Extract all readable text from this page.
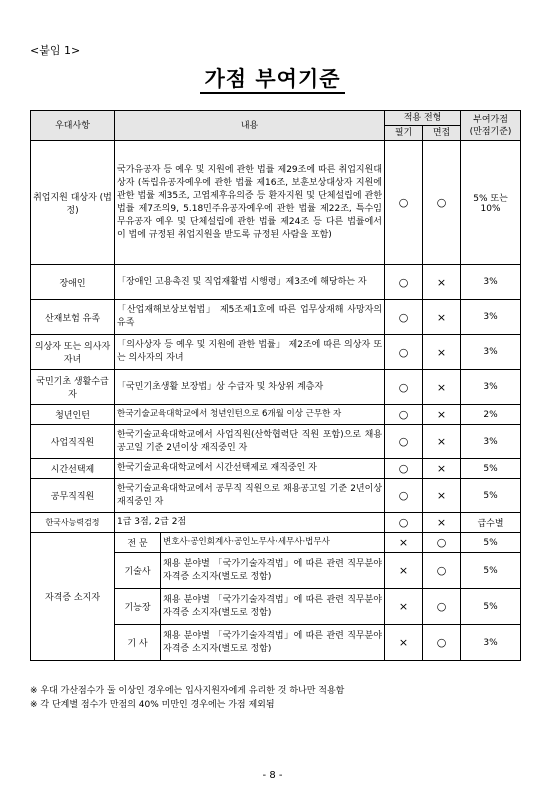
<붙임 1>
가점 부여기준
우대사항	내용		적용 전형		부여가점
(만점기준)
			필기	면접	
취업지원 대상자 (법정)	국가유공자 등 예우 및 지원에 관한 법률 제29조에 따른 취업지원대상자 (독립유공자예우에 관한 법률 제16조, 보훈보상대상자 지원에 관한 법률 제35조, 고엽제후유의증 등 환자지원 및 단체설립에 관한 법률 제7조의9, 5.18민주유공자예우에 관한 법률 제22조, 특수임무유공자 예우 및 단체설립에 관한 법률 제24조 등 다른 법률에서 이 법에 규정된 취업지원을 받도록 규정된 사람을 포함)		○	○	5% 또는 10%
장애인	「장애인 고용촉진 및 직업재활법 시행령」제3조에 해당하는 자		○	×	3%
산재보험 유족	「산업재해보상보험법」 제5조제1호에 따른 업무상재해 사망자의 유족		○	×	3%
의상자 또는 의사자 자녀	「의사상자 등 예우 및 지원에 관한 법률」 제2조에 따른 의상자 또는 의사자의 자녀		○	×	3%
국민기초 생활수급자	「국민기초생활 보장법」상 수급자 및 차상위 계층자		○	×	3%
청년인턴	한국기술교육대학교에서 청년인턴으로 6개월 이상 근무한 자		○	×	2%
사업직직원	한국기술교육대학교에서 사업직원(산학협력단 직원 포함)으로 채용공고일 기준 2년이상 재직중인 자		○	×	3%
시간선택제	한국기술교육대학교에서 시간선택제로 재직중인 자		○	×	5%
공무직직원	한국기술교육대학교에서 공무직 직원으로 채용공고일 기준 2년이상 재직중인 자		○	×	5%
한국사능력검정	1급 3점, 2급 2점		○	×	급수별
자격증 소지자	전 문	변호사·공인회계사·공인노무사·세무사·법무사	×	○	5%
	기술사	채용 분야별 「국가기술자격법」에 따른 관련 직무분야 자격증 소지자(별도로 정함)	×	○	5%
	기능장	채용 분야별 「국가기술자격법」에 따른 관련 직무분야 자격증 소지자(별도로 정함)	×	○	5%
	기 사	채용 분야별 「국가기술자격법」에 따른 관련 직무분야 자격증 소지자(별도로 정함)	×	○	3%
※ 우대 가산점수가 둘 이상인 경우에는 입사지원자에게 유리한 것 하나만 적용함
※ 각 단계별 점수가 만점의 40% 미만인 경우에는 가점 제외됨
- 8 -
